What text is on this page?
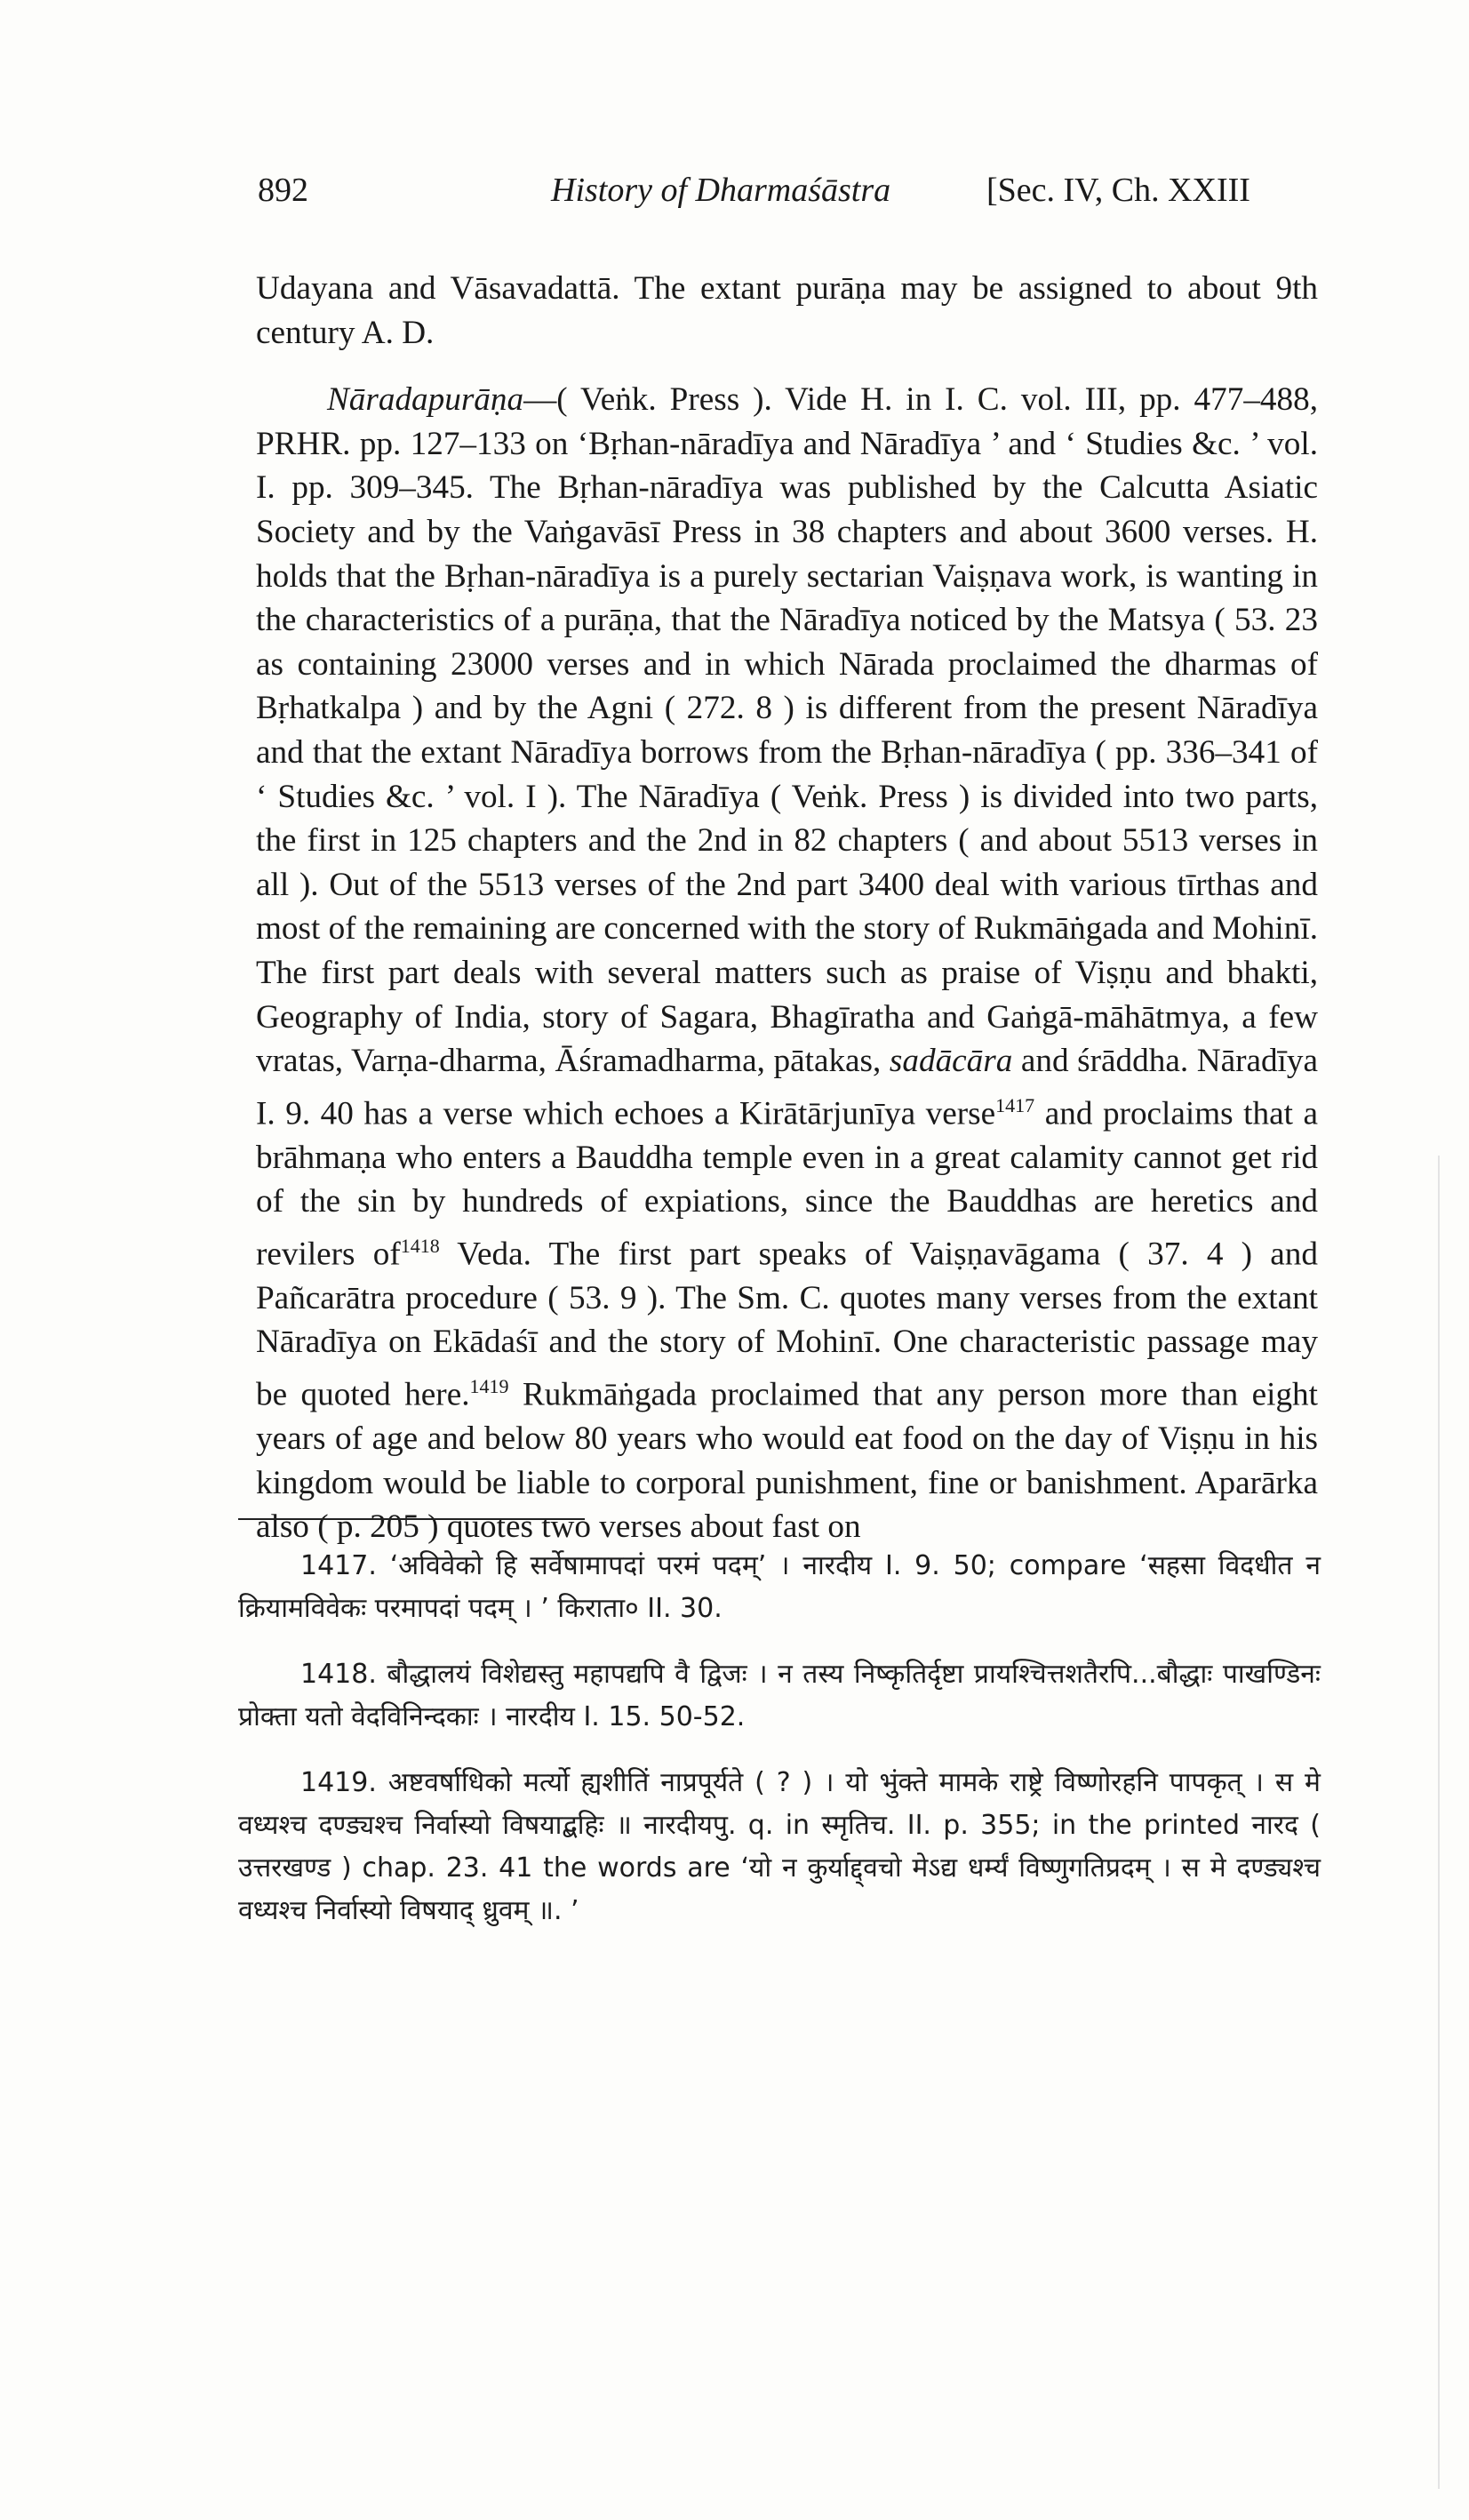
892	History of Dharmaśāstra	[Sec. IV, Ch. XXIII

Udayana and Vāsavadattā. The extant purāṇa may be assigned to about 9th century A. D.

Nāradapurāṇa—( Veṅk. Press ). Vide H. in I. C. vol. III, pp. 477–488, PRHR. pp. 127–133 on ‘Bṛhan-nāradīya and Nāradīya ’ and ‘ Studies &c. ’ vol. I. pp. 309–345. The Bṛhan-nāradīya was published by the Calcutta Asiatic Society and by the Vaṅgavāsī Press in 38 chapters and about 3600 verses. H. holds that the Bṛhan-nāradīya is a purely sectarian Vaiṣṇava work, is wanting in the characteristics of a purāṇa, that the Nāradīya noticed by the Matsya ( 53. 23 as containing 23000 verses and in which Nārada proclaimed the dharmas of Bṛhatkalpa ) and by the Agni ( 272. 8 ) is different from the present Nāradīya and that the extant Nāradīya borrows from the Bṛhan-nāradīya ( pp. 336–341 of ‘ Studies &c. ’ vol. I ). The Nāradīya ( Veṅk. Press ) is divided into two parts, the first in 125 chapters and the 2nd in 82 chapters ( and about 5513 verses in all ). Out of the 5513 verses of the 2nd part 3400 deal with various tīrthas and most of the remaining are concerned with the story of Rukmāṅgada and Mohinī. The first part deals with several matters such as praise of Viṣṇu and bhakti, Geography of India, story of Sagara, Bhagīratha and Gaṅgā-māhātmya, a few vratas, Varṇa-dharma, Āśramadharma, pātakas, sadācāra and śrāddha. Nāradīya I. 9. 40 has a verse which echoes a Kirātārjunīya verse$^{1417}$ and proclaims that a brāhmaṇa who enters a Bauddha temple even in a great calamity cannot get rid of the sin by hundreds of expiations, since the Bauddhas are heretics and revilers $of^{1418}$ Veda. The first part speaks of Vaiṣṇavāgama ( 37. 4 ) and Pañcarātra procedure ( 53. 9 ). The Sm. C. quotes many verses from the extant Nāradīya on Ekādaśī and the story of Mohinī. One characteristic passage may be quoted here.$^{1419}$ Rukmāṅgada proclaimed that any person more than eight years of age and below 80 years who would eat food on the day of Viṣṇu in his kingdom would be liable to corporal punishment, fine or banishment. Aparārka also ( p. 205 ) quotes two verses about fast on

1417. ‘अविवेको हि सर्वेषामापदां परमं पदम्’ । नारदीय I. 9. 50; compare ‘सहसा विदधीत न क्रियामविवेकः परमापदां पदम् । ’ किराता० II. 30.

1418. बौद्धालयं विशेद्यस्तु महापद्यपि वै द्विजः । न तस्य निष्कृतिर्दृष्टा प्रायश्चित्तशतैरपि...बौद्धाः पाखण्डिनः प्रोक्ता यतो वेदविनिन्दकाः । नारदीय I. 15. 50-52.

1419. अष्टवर्षाधिको मर्त्यो ह्यशीतिं नाप्रपूर्यते ( ? ) । यो भुंक्ते मामके राष्ट्रे विष्णोरहनि पापकृत् । स मे वध्यश्च दण्ड्यश्च निर्वास्यो विषयाद्बहिः ॥ नारदीयपु. q. in स्मृतिच. II. p. 355; in the printed नारद ( उत्तरखण्ड ) chap. 23. 41 the words are ‘यो न कुर्याद्द्वचो मेऽद्य धर्म्यं विष्णुगतिप्रदम् । स मे दण्ड्यश्च वध्यश्च निर्वास्यो विषयाद् ध्रुवम् ॥. ’
